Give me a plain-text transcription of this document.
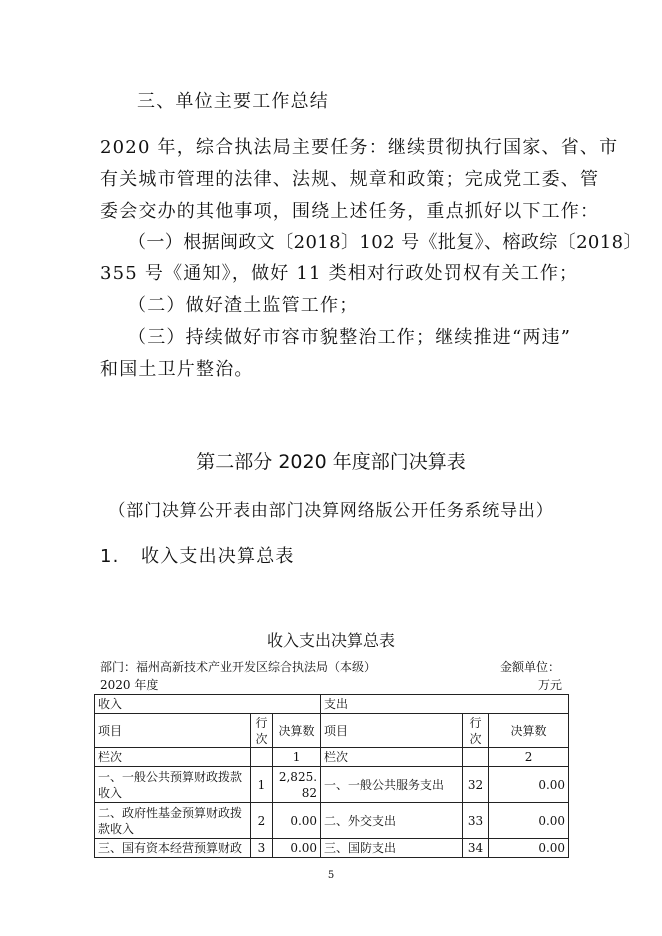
三、单位主要工作总结
2020 年，综合执法局主要任务：继续贯彻执行国家、省、市
有关城市管理的法律、法规、规章和政策；完成党工委、管
委会交办的其他事项，围绕上述任务，重点抓好以下工作：
（一）根据闽政文〔2018〕102 号《批复》、榕政综〔2018〕
355 号《通知》，做好 11 类相对行政处罚权有关工作；
（二）做好渣土监管工作；
（三）持续做好市容市貌整治工作；继续推进“两违”
和国土卫片整治。
第二部分 2020 年度部门决算表
（部门决算公开表由部门决算网络版公开任务系统导出）
1. 收入支出决算总表
收入支出决算总表
部门：福州高新技术产业开发区综合执法局（本级）	金额单位：
2020 年度	万元
收入			支出		
项目	行次	决算数	项目	行次	决算数
栏次		1	栏次		2
一、一般公共预算财政拨款收入	1	2,825.82	一、一般公共服务支出	32	0.00
二、政府性基金预算财政拨款收入	2	0.00	二、外交支出	33	0.00
三、国有资本经营预算财政	3	0.00	三、国防支出	34	0.00
5
